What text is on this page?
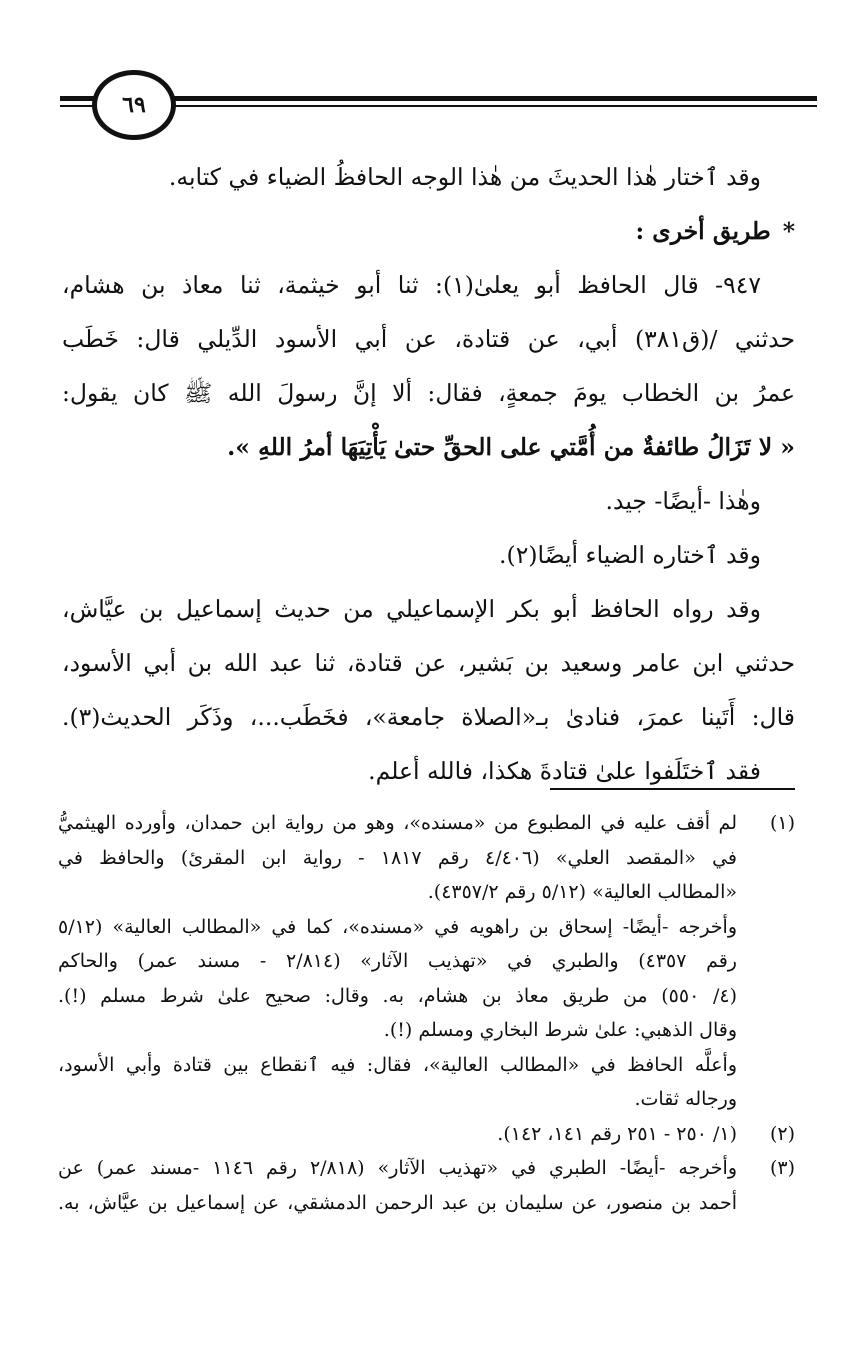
٦٩
وقد ٱختار هٰذا الحديثَ من هٰذا الوجه الحافظُ الضياء في كتابه.
*طريق أخرى :
٩٤٧- قال الحافظ أبو يعلىٰ(١): ثنا أبو خيثمة، ثنا معاذ بن هشام،
حدثني /(ق٣٨١) أبي، عن قتادة، عن أبي الأسود الدِّيلي قال: خَطَب
عمرُ بن الخطاب يومَ جمعةٍ، فقال: ألا إنَّ رسولَ الله ﷺ كان يقول:
« لا تَزَالُ طائفةٌ من أُمَّتي على الحقِّ حتىٰ يَأْتِيَهَا أمرُ اللهِ ».
وهٰذا -أيضًا- جيد.
وقد ٱختاره الضياء أيضًا(٢).
وقد رواه الحافظ أبو بكر الإسماعيلي من حديث إسماعيل بن عيَّاش،
حدثني ابن عامر وسعيد بن بَشير، عن قتادة، ثنا عبد الله بن أبي الأسود،
قال: أَتَينا عمرَ، فنادىٰ بـ«الصلاة جامعة»، فخَطَب...، وذَكَر الحديث(٣).
فقد ٱختَلَفوا علىٰ قتادةَ هكذا، فالله أعلم.
(١)
لم أقف عليه في المطبوع من «مسنده»، وهو من رواية ابن حمدان، وأورده الهيثميُّ
في «المقصد العلي» (٤/٤٠٦ رقم ١٨١٧ - رواية ابن المقرئ) والحافظ في
«المطالب العالية» (٥/١٢ رقم ٤٣٥٧/٢).
وأخرجه -أيضًا- إسحاق بن راهويه في «مسنده»، كما في «المطالب العالية» (٥/١٢
رقم ٤٣٥٧) والطبري في «تهذيب الآثار» (٢/٨١٤ - مسند عمر) والحاكم
(٤/ ٥٥٠) من طريق معاذ بن هشام، به. وقال: صحيح علىٰ شرط مسلم (!).
وقال الذهبي: علىٰ شرط البخاري ومسلم (!).
وأعلَّه الحافظ في «المطالب العالية»، فقال: فيه ٱنقطاع بين قتادة وأبي الأسود،
ورجاله ثقات.
(٢)
(١/ ٢٥٠ - ٢٥١ رقم ١٤١، ١٤٢).
(٣)
وأخرجه -أيضًا- الطبري في «تهذيب الآثار» (٢/٨١٨ رقم ١١٤٦ -مسند عمر) عن
أحمد بن منصور، عن سليمان بن عبد الرحمن الدمشقي، عن إسماعيل بن عيَّاش، به.
